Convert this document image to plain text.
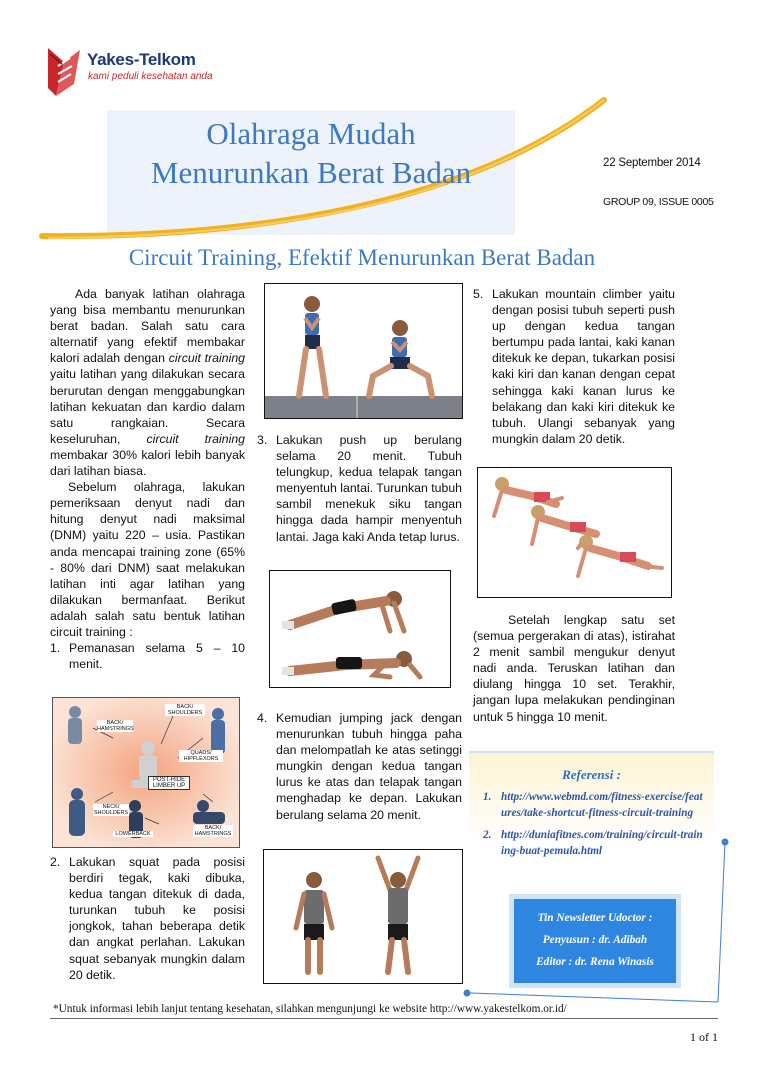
Yakes-Telkom
kami peduli kesehatan anda
Olahraga Mudah
Menurunkan Berat Badan	22 September 2014
GROUP 09, ISSUE 0005
Circuit Training, Efektif Menurunkan Berat Badan
Ada banyak latihan olahraga yang bisa membantu menurunkan berat badan. Salah satu cara alternatif yang efektif membakar kalori adalah dengan circuit training yaitu latihan yang dilakukan secara berurutan dengan menggabungkan latihan kekuatan dan kardio dalam satu rangkaian. Secara keseluruhan, circuit training membakar 30% kalori lebih banyak dari latihan biasa.
Sebelum olahraga, lakukan pemeriksaan denyut nadi dan hitung denyut nadi maksimal (DNM) yaitu 220 – usia. Pastikan anda mencapai training zone (65% - 80% dari DNM) saat melakukan latihan inti agar latihan yang dilakukan bermanfaat. Berikut adalah salah satu bentuk latihan circuit training :
1. Pemanasan selama 5 – 10 menit.
BACK/ SHOULDERS
BACK/ HAMSTRINGS
QUADS/ HIPFLEXORS
POST-RIDE LIMBER UP
NECK/ SHOULDERS
LOWERBACK
BACK/ HAMSTRINGS
2. Lakukan squat pada posisi berdiri tegak, kaki dibuka, kedua tangan ditekuk di dada, turunkan tubuh ke posisi jongkok, tahan beberapa detik dan angkat perlahan. Lakukan squat sebanyak mungkin dalam 20 detik.
3. Lakukan push up berulang selama 20 menit. Tubuh telungkup, kedua telapak tangan menyentuh lantai. Turunkan tubuh sambil menekuk siku tangan hingga dada hampir menyentuh lantai. Jaga kaki Anda tetap lurus.
4. Kemudian jumping jack dengan menurunkan tubuh hingga paha dan melompatlah ke atas setinggi mungkin dengan kedua tangan lurus ke atas dan telapak tangan menghadap ke depan. Lakukan berulang selama 20 menit.
5. Lakukan mountain climber yaitu dengan posisi tubuh seperti push up dengan kedua tangan bertumpu pada lantai, kaki kanan ditekuk ke depan, tukarkan posisi kaki kiri dan kanan dengan cepat sehingga kaki kanan lurus ke belakang dan kaki kiri ditekuk ke tubuh. Ulangi sebanyak yang mungkin dalam 20 detik.
Setelah lengkap satu set (semua pergerakan di atas), istirahat 2 menit sambil mengukur denyut nadi anda. Teruskan latihan dan diulang hingga 10 set. Terakhir, jangan lupa melakukan pendinginan untuk 5 hingga 10 menit.
Referensi :
1. http://www.webmd.com/fitness-exercise/features/take-shortcut-fitness-circuit-training
2. http://duniafitnes.com/training/circuit-training-buat-pemula.html
Tin Newsletter Udoctor :
Penyusun : dr. Adibah
Editor : dr. Rena Winasis
*Untuk informasi lebih lanjut tentang kesehatan, silahkan mengunjungi ke website http://www.yakestelkom.or.id/
1 of 1
